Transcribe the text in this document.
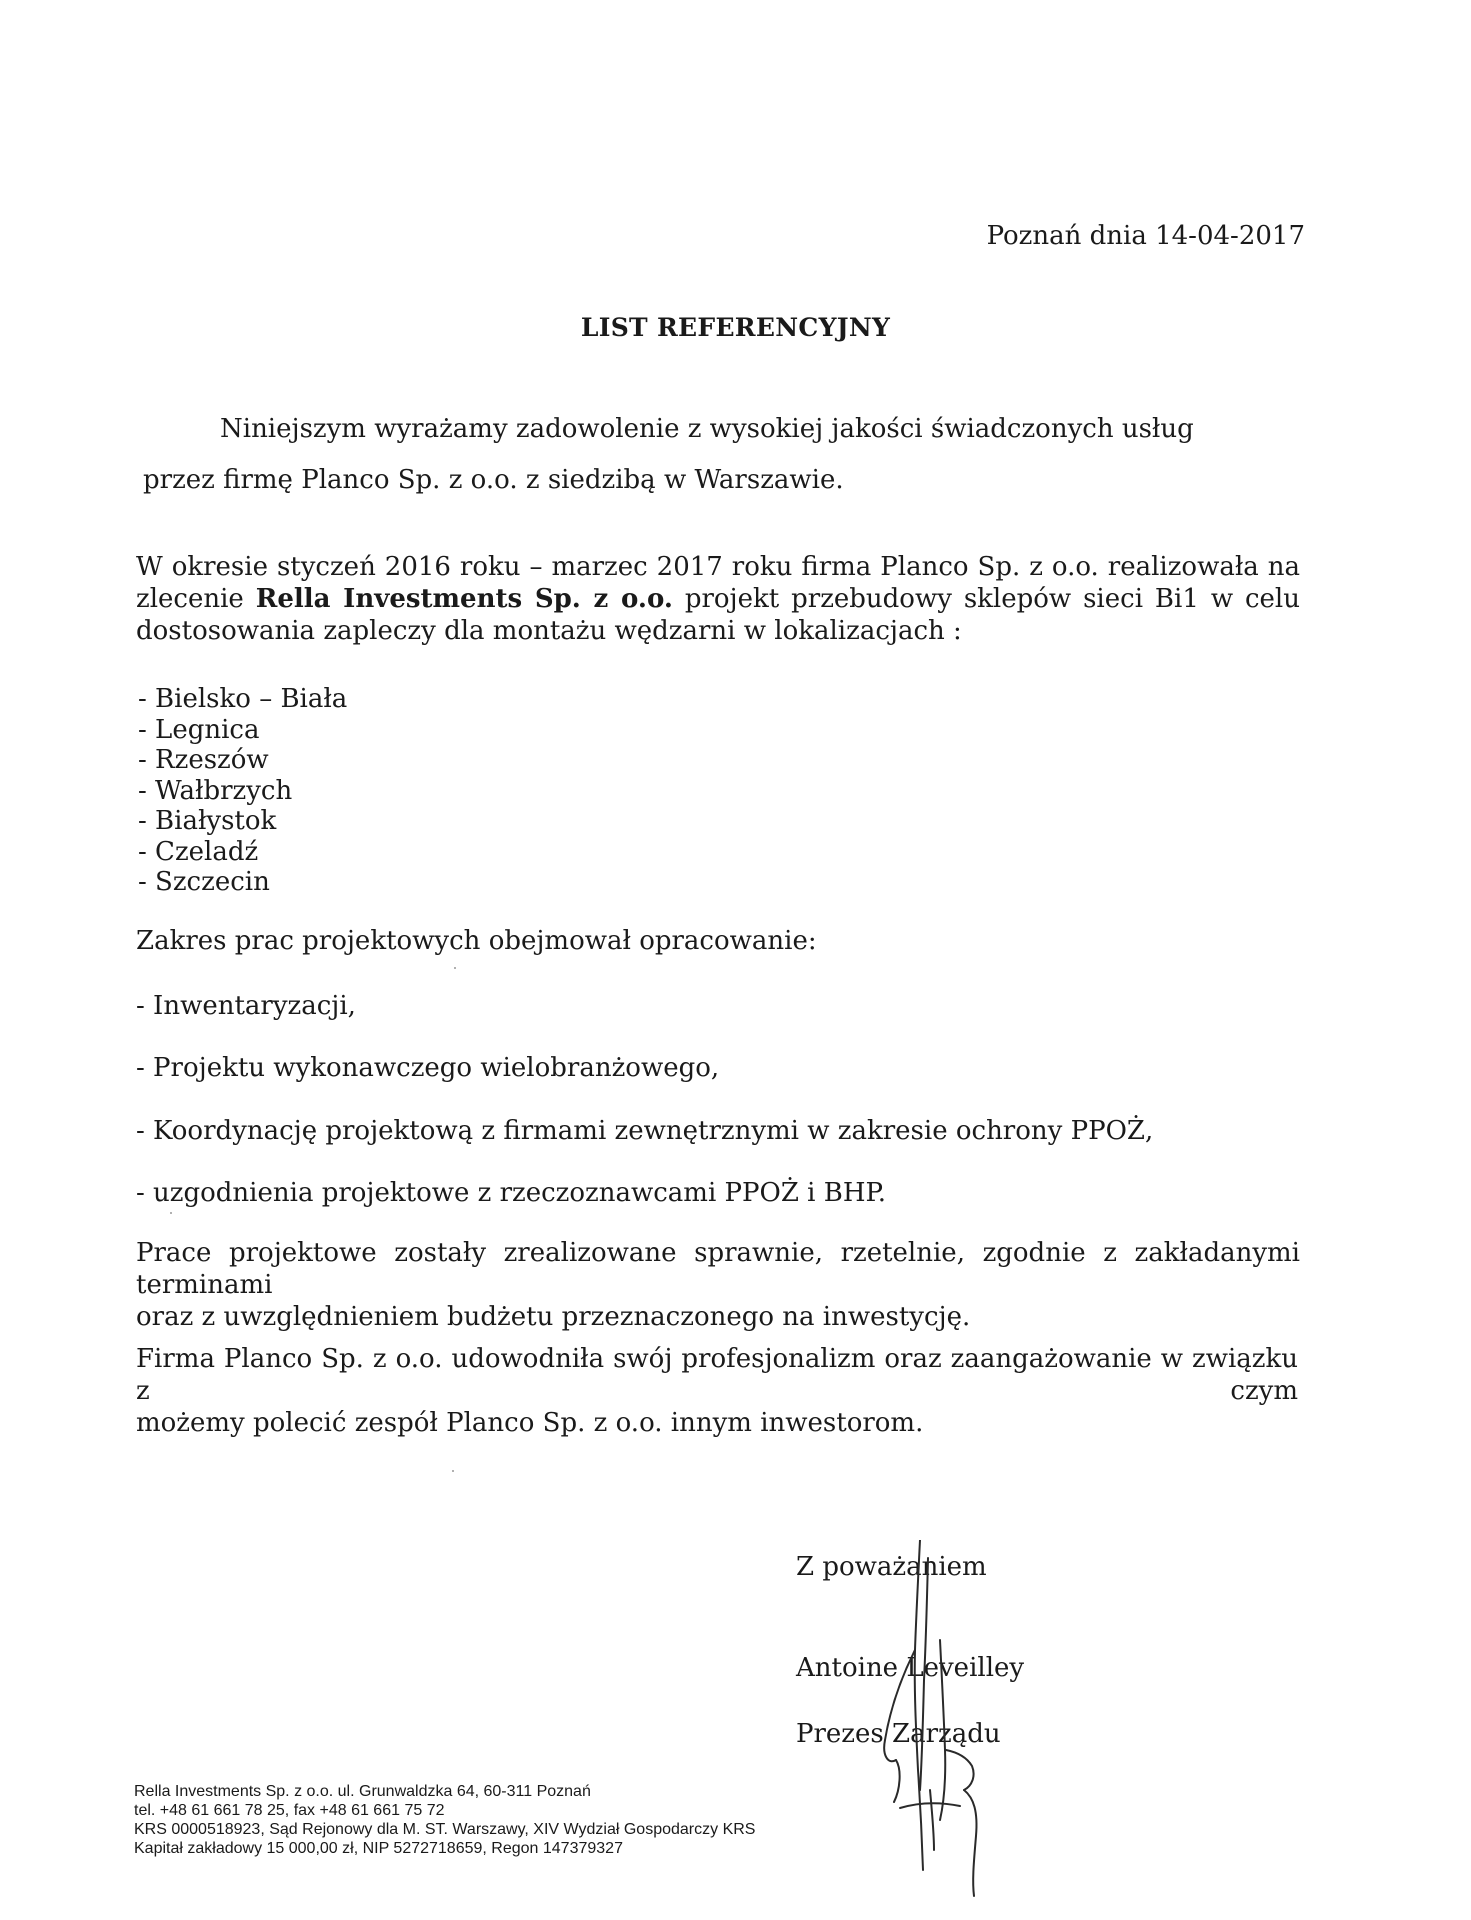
Poznań dnia 14-04-2017

LIST REFERENCYJNY

Niniejszym wyrażamy zadowolenie z wysokiej jakości świadczonych usług
przez firmę Planco Sp. z o.o. z siedzibą w Warszawie.
W okresie styczeń 2016 roku – marzec 2017 roku firma Planco Sp. z o.o. realizowała na
zlecenie Rella Investments Sp. z o.o. projekt przebudowy sklepów sieci Bi1 w celu
dostosowania zapleczy dla montażu wędzarni w lokalizacjach :
- Bielsko – Biała
- Legnica
- Rzeszów
- Wałbrzych
- Białystok
- Czeladź
- Szczecin

Zakres prac projektowych obejmował opracowanie:

- Inwentaryzacji,

- Projektu wykonawczego wielobranżowego,

- Koordynację projektową z firmami zewnętrznymi w zakresie ochrony PPOŻ,

- uzgodnienia projektowe z rzeczoznawcami PPOŻ i BHP.

Prace projektowe zostały zrealizowane sprawnie, rzetelnie, zgodnie z zakładanymi terminami
oraz z uwzględnieniem budżetu przeznaczonego na inwestycję.
Firma Planco Sp. z o.o. udowodniła swój profesjonalizm oraz zaangażowanie w związku z czym
możemy polecić zespół Planco Sp. z o.o. innym inwestorom.

Z poważaniem

Antoine Leveilley

Prezes Zarządu

Rella Investments Sp. z o.o. ul. Grunwaldzka 64, 60-311 Poznań
tel. +48 61 661 78 25, fax +48 61 661 75 72
KRS 0000518923, Sąd Rejonowy dla M. ST. Warszawy, XIV Wydział Gospodarczy KRS
Kapitał zakładowy 15 000,00 zł, NIP 5272718659, Regon 147379327
